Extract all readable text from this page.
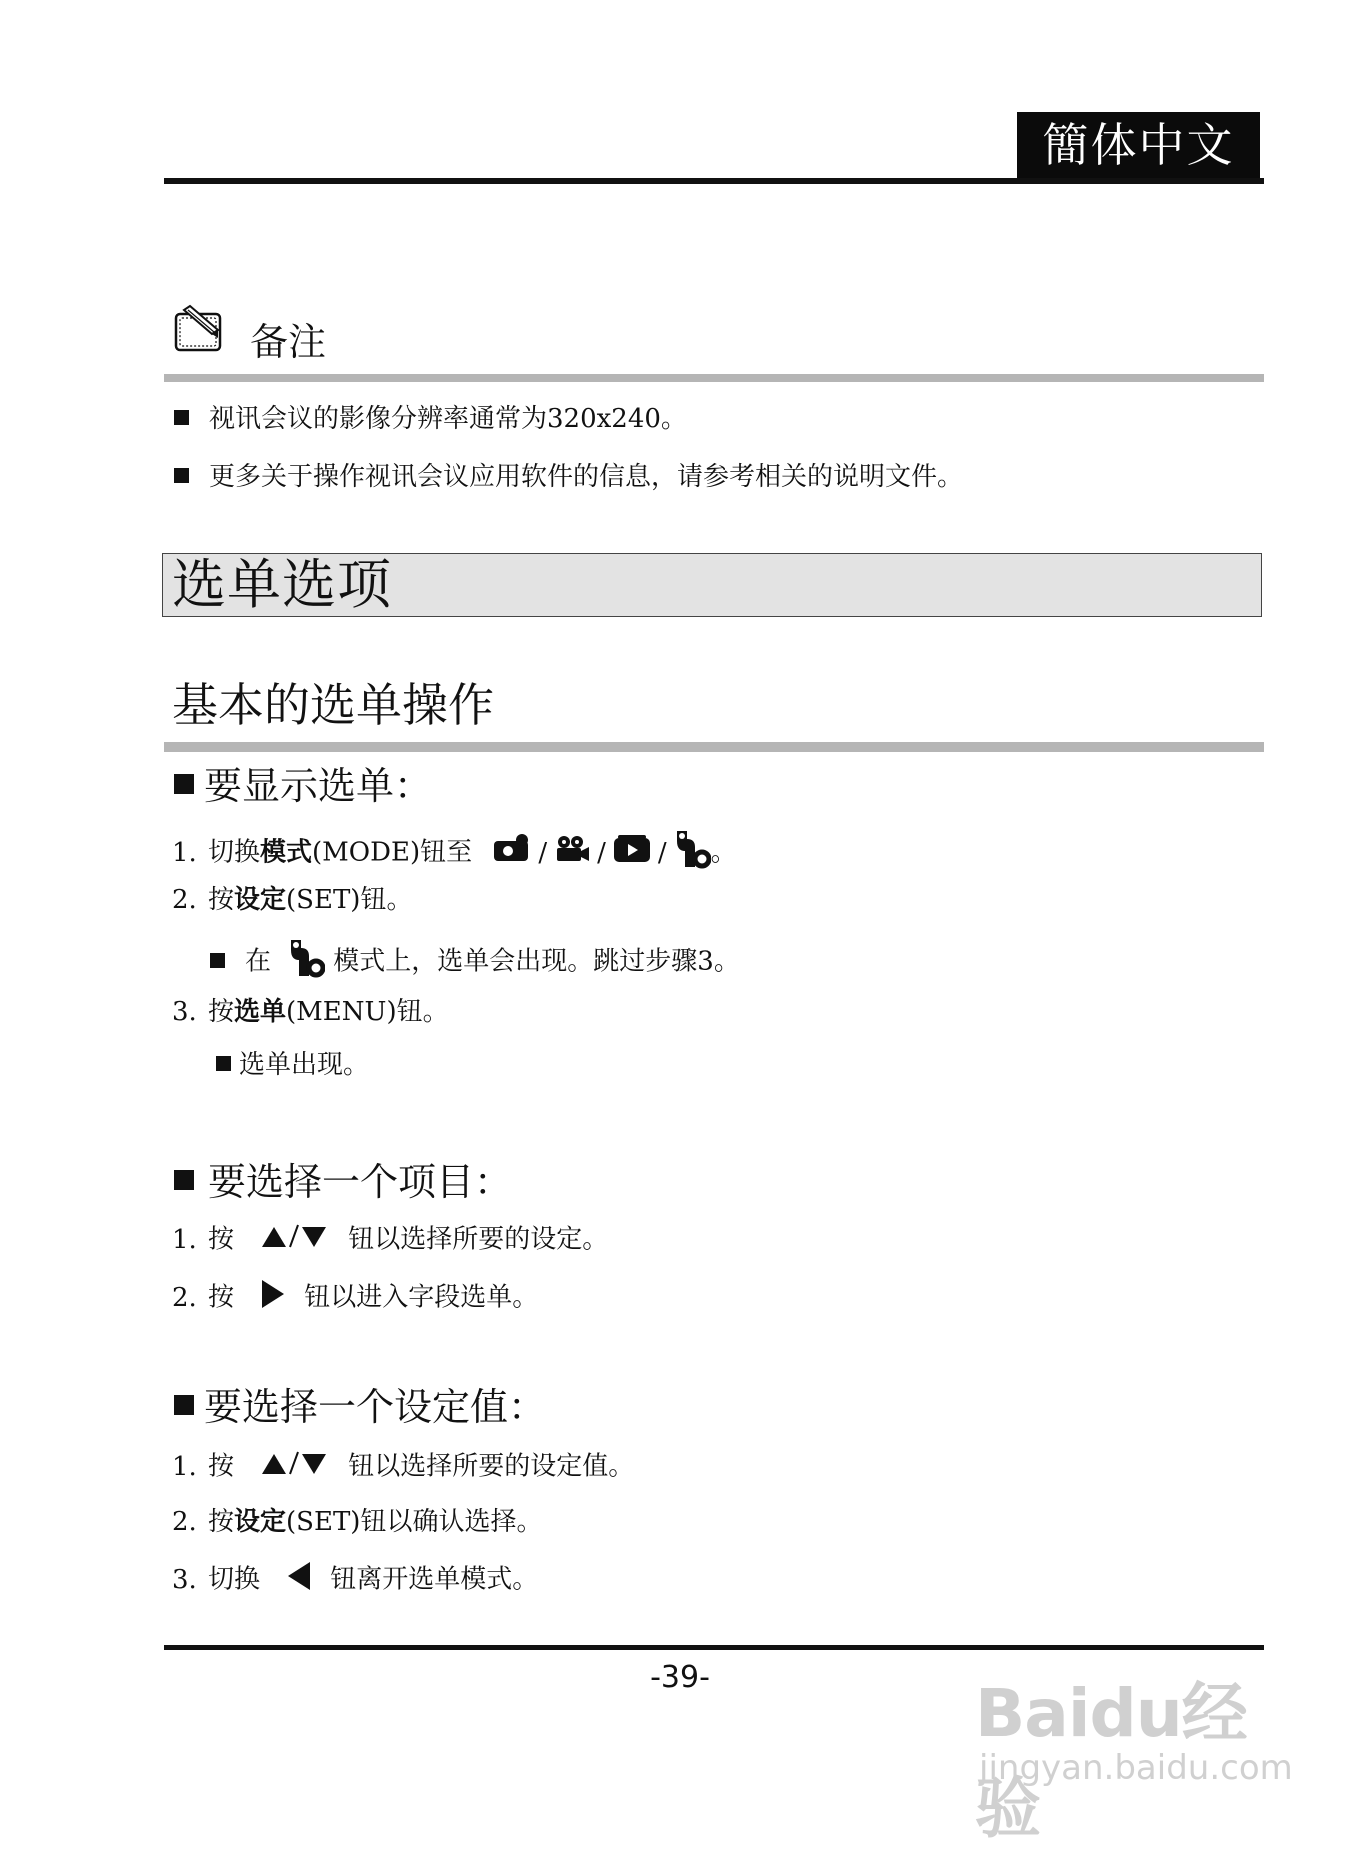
簡体中文
备注
视讯会议的影像分辨率通常为320x240。
更多关于操作视讯会议应用软件的信息，请参考相关的说明文件。
选单选项
基本的选单操作
要显示选单：
1. 切换模式(MODE)钮至	/ / / 。
2. 按设定(SET)钮。
在 模式上，选单会出现。跳过步骤3。
3. 按选单(MENU)钮。
选单出现。
要选择一个项目：
1. 按	钮以选择所要的设定。
2. 按	钮以进入字段选单。
要选择一个设定值：
1. 按	钮以选择所要的设定值。
2. 按设定(SET)钮以确认选择。
3. 切换	钮离开选单模式。
-39-	Baidu经验
jingyan.baidu.com
